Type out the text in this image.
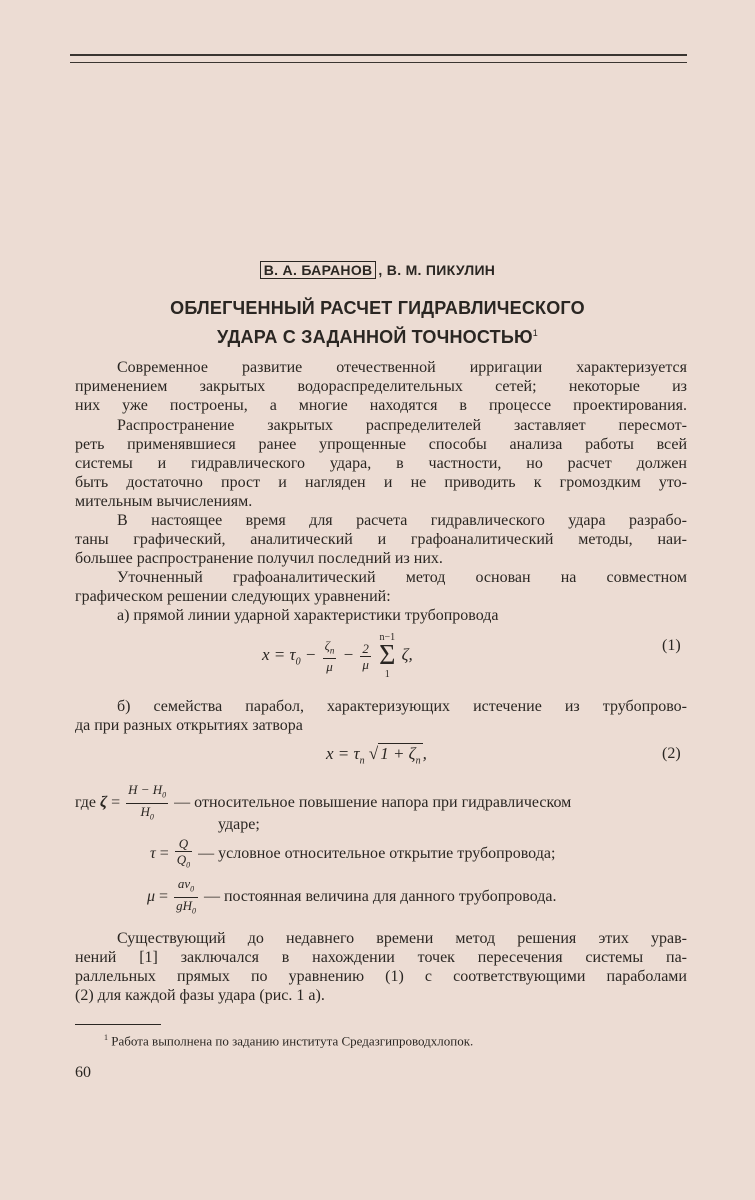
В. А. БАРАНОВ , В. М. ПИКУЛИН
ОБЛЕГЧЕННЫЙ РАСЧЕТ ГИДРАВЛИЧЕСКОГО
УДАРА С ЗАДАННОЙ ТОЧНОСТЬЮ$^1$
Современное развитие отечественной ирригации характеризуется
применением закрытых водораспределительных сетей; некоторые из
них уже построены, а многие находятся в процессе проектирования.
Распространение закрытых распределителей заставляет пересмот-
реть применявшиеся ранее упрощенные способы анализа работы всей
системы и гидравлического удара, в частности, но расчет должен
быть достаточно прост и нагляден и не приводить к громоздким уто-
мительным вычислениям.
В настоящее время для расчета гидравлического удара разрабо-
таны графический, аналитический и графоаналитический методы, наи-
большее распространение получил последний из них.
Уточненный графоаналитический метод основан на совместном
графическом решении следующих уравнений:
а) прямой линии ударной характеристики трубопровода
$x = \tau_0 - \frac{\zeta_п}{\mu} - \frac{2}{\mu}$

n−1
Σ
1
ζ,	(1)
б) семейства парабол, характеризующих истечение из трубопрово-
да при разных открытиях затвора
$x = \tau_п$ √ $1 + \zeta_п$ ,	(2)
где $\zeta = \frac{H - H_0}{H_0}$ — относительное повышение напора при гидравлическом
ударе;
$\tau = \frac{Q}{Q_0}$ — условное относительное открытие трубопровода;
$\mu = \frac{av_0}{gH_0}$ — постоянная величина для данного трубопровода.
Существующий до недавнего времени метод решения этих урав-
нений [1] заключался в нахождении точек пересечения системы па-
раллельных прямых по уравнению (1) с соответствующими параболами
(2) для каждой фазы удара (рис. 1 а).
$^1$ Работа выполнена по заданию института Средазгипроводхлопок.
60
